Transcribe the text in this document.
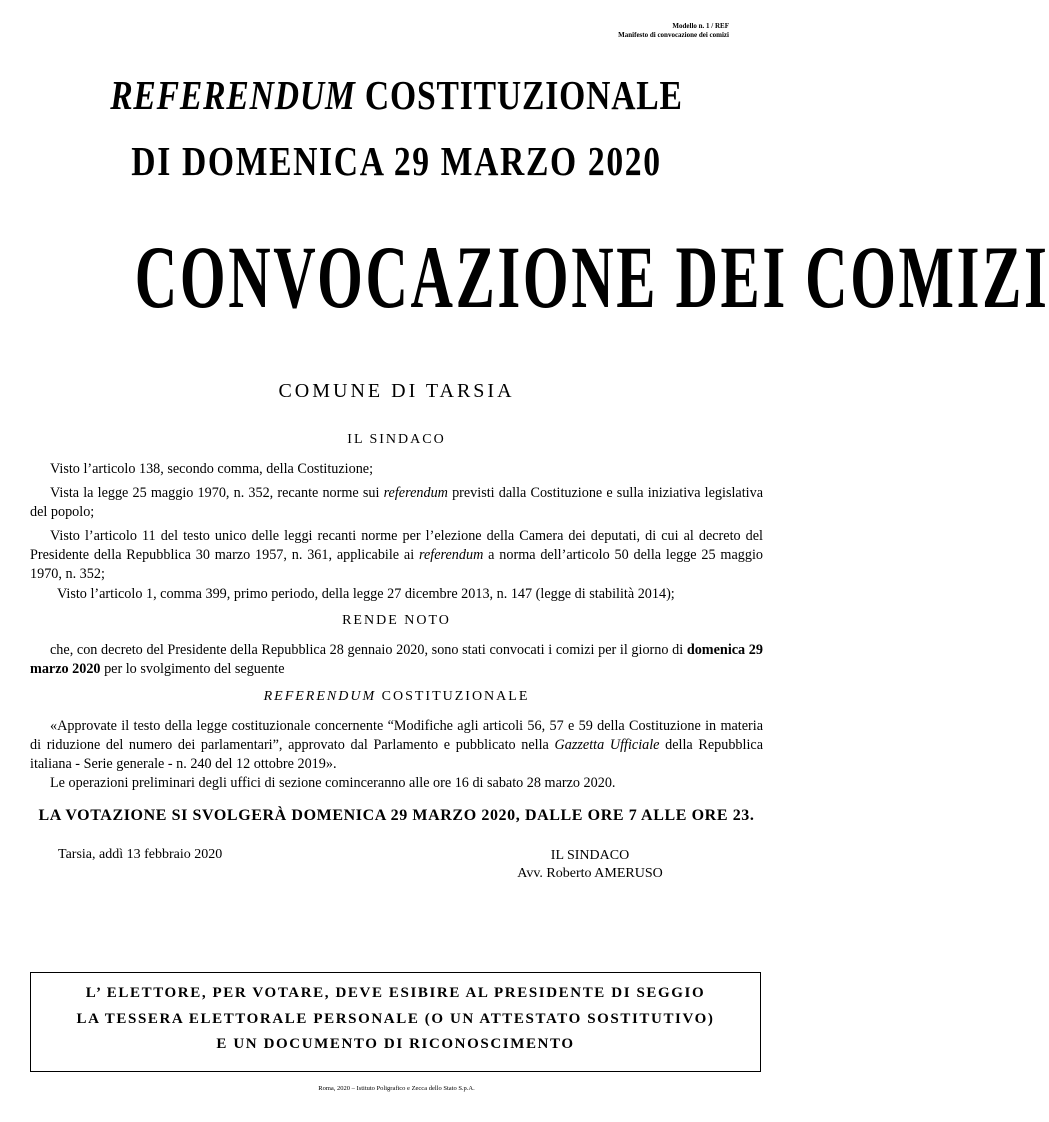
Modello n. 1 / REF
Manifesto di convocazione dei comizi
REFERENDUM COSTITUZIONALE
DI DOMENICA 29 MARZO 2020
CONVOCAZIONE DEI COMIZI
COMUNE DI TARSIA
IL SINDACO
Visto l’articolo 138, secondo comma, della Costituzione;
Vista la legge 25 maggio 1970, n. 352, recante norme sui referendum previsti dalla Costituzione e sulla iniziativa legislativa del popolo;
Visto l’articolo 11 del testo unico delle leggi recanti norme per l’elezione della Camera dei deputati, di cui al decreto del Presidente della Repubblica 30 marzo 1957, n. 361, applicabile ai referendum a norma dell’articolo 50 della legge 25 maggio 1970, n. 352;
Visto l’articolo 1, comma 399, primo periodo, della legge 27 dicembre 2013, n. 147 (legge di stabilità 2014);
RENDE NOTO
che, con decreto del Presidente della Repubblica 28 gennaio 2020, sono stati convocati i comizi per il giorno di domenica 29 marzo 2020 per lo svolgimento del seguente
REFERENDUM COSTITUZIONALE
«Approvate il testo della legge costituzionale concernente “Modifiche agli articoli 56, 57 e 59 della Costituzione in materia di riduzione del numero dei parlamentari”, approvato dal Parlamento e pubblicato nella Gazzetta Ufficiale della Repubblica italiana - Serie generale - n. 240 del 12 ottobre 2019».
Le operazioni preliminari degli uffici di sezione cominceranno alle ore 16 di sabato 28 marzo 2020.
LA VOTAZIONE SI SVOLGERÀ DOMENICA 29 MARZO 2020, DALLE ORE 7 ALLE ORE 23.
Tarsia, addì 13 febbraio 2020	IL SINDACO
Avv. Roberto AMERUSO
L’ ELETTORE, PER VOTARE, DEVE ESIBIRE AL PRESIDENTE DI SEGGIO
LA TESSERA ELETTORALE PERSONALE (O UN ATTESTATO SOSTITUTIVO)
E UN DOCUMENTO DI RICONOSCIMENTO
Roma, 2020 – Istituto Poligrafico e Zecca dello Stato S.p.A.
